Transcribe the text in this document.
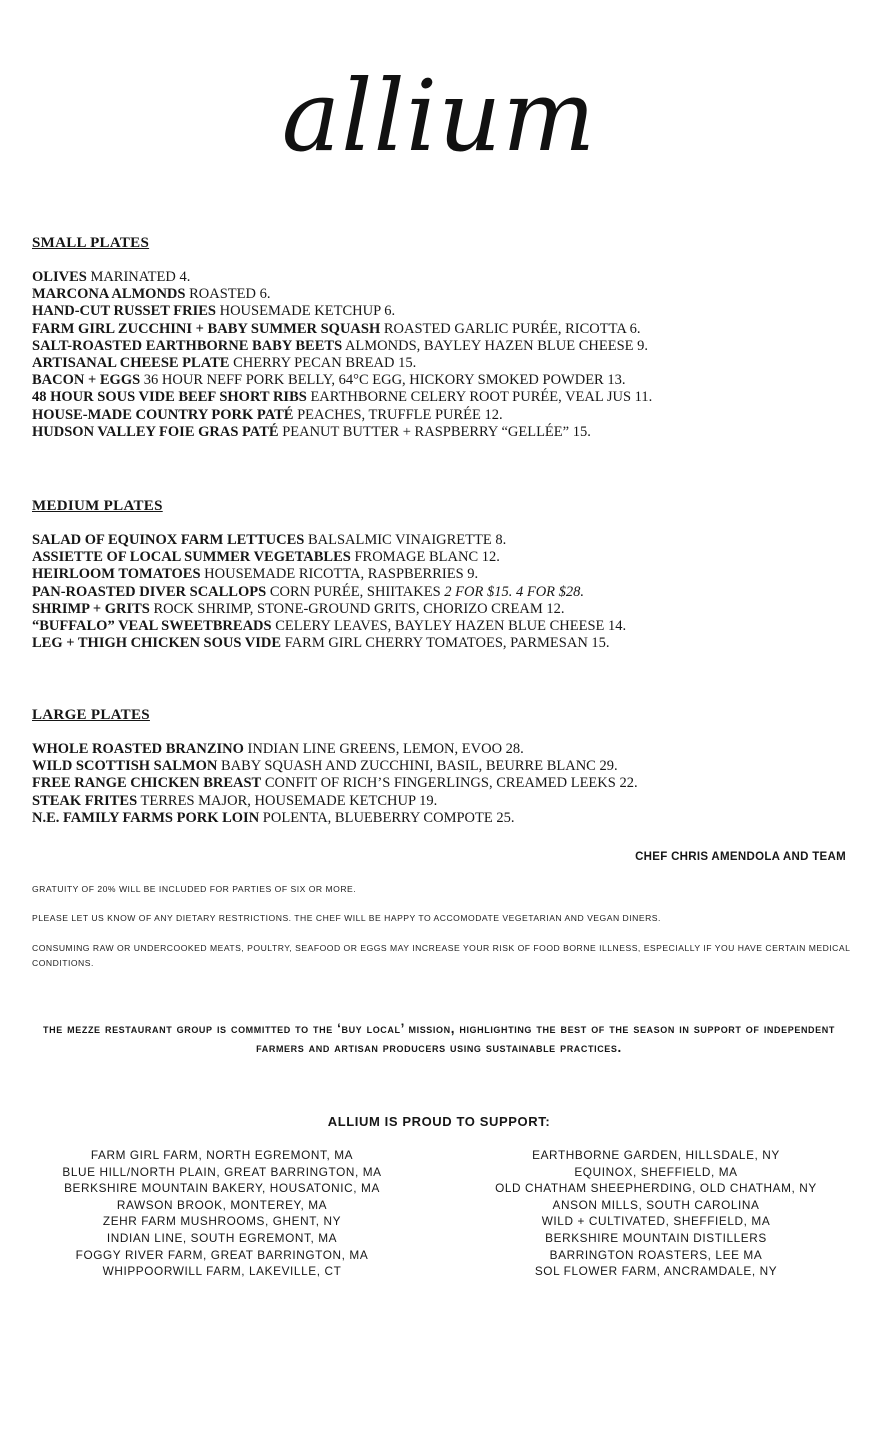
allium
SMALL PLATES
OLIVES MARINATED 4.
MARCONA ALMONDS ROASTED 6.
HAND-CUT RUSSET FRIES HOUSEMADE KETCHUP 6.
FARM GIRL ZUCCHINI + BABY SUMMER SQUASH ROASTED GARLIC PURÉE, RICOTTA 6.
SALT-ROASTED EARTHBORNE BABY BEETS ALMONDS, BAYLEY HAZEN BLUE CHEESE 9.
ARTISANAL CHEESE PLATE CHERRY PECAN BREAD 15.
BACON + EGGS 36 HOUR NEFF PORK BELLY, 64°C EGG, HICKORY SMOKED POWDER 13.
48 HOUR SOUS VIDE BEEF SHORT RIBS EARTHBORNE CELERY ROOT PURÉE, VEAL JUS 11.
HOUSE-MADE COUNTRY PORK PATÉ PEACHES, TRUFFLE PURÉE 12.
HUDSON VALLEY FOIE GRAS PATÉ PEANUT BUTTER + RASPBERRY “GELLÉE” 15.
MEDIUM PLATES
SALAD OF EQUINOX FARM LETTUCES BALSALMIC VINAIGRETTE 8.
ASSIETTE OF LOCAL SUMMER VEGETABLES FROMAGE BLANC 12.
HEIRLOOM TOMATOES HOUSEMADE RICOTTA, RASPBERRIES 9.
PAN-ROASTED DIVER SCALLOPS CORN PURÉE, SHIITAKES 2 FOR $15. 4 FOR $28.
SHRIMP + GRITS ROCK SHRIMP, STONE-GROUND GRITS, CHORIZO CREAM 12.
“BUFFALO” VEAL SWEETBREADS CELERY LEAVES, BAYLEY HAZEN BLUE CHEESE 14.
LEG + THIGH CHICKEN SOUS VIDE FARM GIRL CHERRY TOMATOES, PARMESAN 15.
LARGE PLATES
WHOLE ROASTED BRANZINO INDIAN LINE GREENS, LEMON, EVOO 28.
WILD SCOTTISH SALMON BABY SQUASH AND ZUCCHINI, BASIL, BEURRE BLANC 29.
FREE RANGE CHICKEN BREAST CONFIT OF RICH’S FINGERLINGS, CREAMED LEEKS 22.
STEAK FRITES TERRES MAJOR, HOUSEMADE KETCHUP 19.
N.E. FAMILY FARMS PORK LOIN POLENTA, BLUEBERRY COMPOTE 25.
CHEF CHRIS AMENDOLA AND TEAM
GRATUITY OF 20% WILL BE INCLUDED FOR PARTIES OF SIX OR MORE.
PLEASE LET US KNOW OF ANY DIETARY RESTRICTIONS. THE CHEF WILL BE HAPPY TO ACCOMODATE VEGETARIAN AND VEGAN DINERS.
CONSUMING RAW OR UNDERCOOKED MEATS, POULTRY, SEAFOOD OR EGGS MAY INCREASE YOUR RISK OF FOOD BORNE ILLNESS, ESPECIALLY IF YOU HAVE CERTAIN MEDICAL CONDITIONS.
the mezze restaurant group is committed to the ‘buy local’ mission, highlighting the best of the season in support of independent farmers and artisan producers using sustainable practices.
ALLIUM IS PROUD TO SUPPORT:
FARM GIRL FARM, NORTH EGREMONT, MA
BLUE HILL/NORTH PLAIN, GREAT BARRINGTON, MA
BERKSHIRE MOUNTAIN BAKERY, HOUSATONIC, MA
RAWSON BROOK, MONTEREY, MA
ZEHR FARM MUSHROOMS, GHENT, NY
INDIAN LINE, SOUTH EGREMONT, MA
FOGGY RIVER FARM, GREAT BARRINGTON, MA
WHIPPOORWILL FARM, LAKEVILLE, CT
EARTHBORNE GARDEN, HILLSDALE, NY
EQUINOX, SHEFFIELD, MA
OLD CHATHAM SHEEPHERDING, OLD CHATHAM, NY
ANSON MILLS, SOUTH CAROLINA
WILD + CULTIVATED, SHEFFIELD, MA
BERKSHIRE MOUNTAIN DISTILLERS
BARRINGTON ROASTERS, LEE MA
SOL FLOWER FARM, ANCRAMDALE, NY
